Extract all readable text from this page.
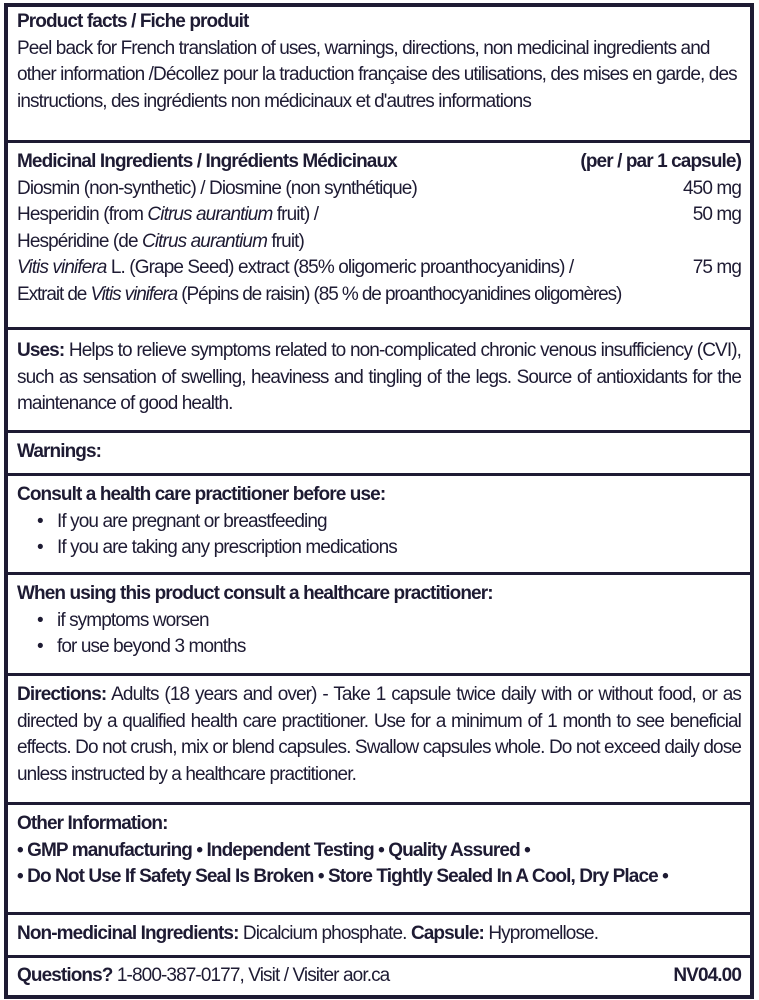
Product facts / Fiche produit
Peel back for French translation of uses, warnings, directions, non medicinal ingredients and other information /Décollez pour la traduction française des utilisations, des mises en garde, des instructions, des ingrédients non médicinaux et d'autres informations
Medicinal Ingredients / Ingrédients Médicinaux	(per / par 1 capsule)
Diosmin (non-synthetic) / Diosmine (non synthétique)	450 mg
Hesperidin (from Citrus aurantium fruit) /	50 mg
Hespéridine (de Citrus aurantium fruit)
Vitis vinifera L. (Grape Seed) extract (85% oligomeric proanthocyanidins) /	75 mg
Extrait de Vitis vinifera (Pépins de raisin) (85 % de proanthocyanidines oligomères)
Uses: Helps to relieve symptoms related to non-complicated chronic venous insufficiency (CVI), such as sensation of swelling, heaviness and tingling of the legs. Source of antioxidants for the maintenance of good health.
Warnings:
Consult a health care practitioner before use:
• If you are pregnant or breastfeeding
• If you are taking any prescription medications
When using this product consult a healthcare practitioner:
• if symptoms worsen
• for use beyond 3 months
Directions: Adults (18 years and over) - Take 1 capsule twice daily with or without food, or as directed by a qualified health care practitioner. Use for a minimum of 1 month to see beneficial effects. Do not crush, mix or blend capsules. Swallow capsules whole. Do not exceed daily dose unless instructed by a healthcare practitioner.
Other Information:
• GMP manufacturing • Independent Testing • Quality Assured •
• Do Not Use If Safety Seal Is Broken • Store Tightly Sealed In A Cool, Dry Place •
Non-medicinal Ingredients: Dicalcium phosphate. Capsule: Hypromellose.
Questions? 1-800-387-0177, Visit / Visiter aor.ca	NV04.00
